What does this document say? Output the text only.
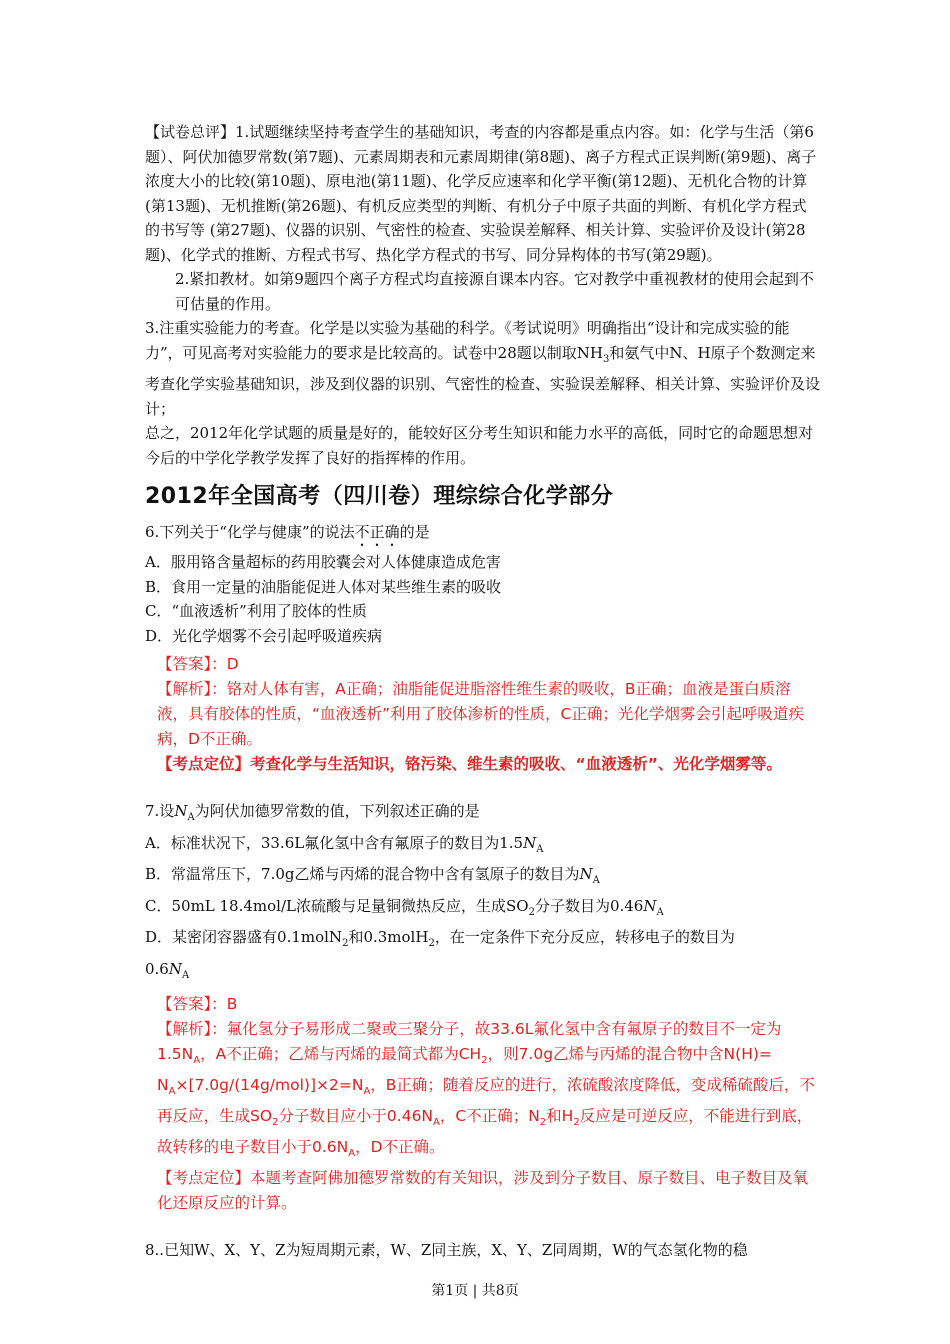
【试卷总评】1.试题继续坚持考查学生的基础知识，考查的内容都是重点内容。如：化学与生活（第6题）、阿伏加德罗常数(第7题)、元素周期表和元素周期律(第8题)、离子方程式正误判断(第9题)、离子浓度大小的比较(第10题)、原电池(第11题)、化学反应速率和化学平衡(第12题)、无机化合物的计算(第13题)、无机推断(第26题)、有机反应类型的判断、有机分子中原子共面的判断、有机化学方程式的书写等 (第27题)、仪器的识别、气密性的检查、实验误差解释、相关计算、实验评价及设计(第28题)、化学式的推断、方程式书写、热化学方程式的书写、同分异构体的书写(第29题)。

2.紧扣教材。如第9题四个离子方程式均直接源自课本内容。它对教学中重视教材的使用会起到不可估量的作用。

3.注重实验能力的考查。化学是以实验为基础的科学。《考试说明》明确指出“设计和完成实验的能力”，可见高考对实验能力的要求是比较高的。试卷中28题以制取$NH_3$和氨气中N、H原子个数测定来考查化学实验基础知识，涉及到仪器的识别、气密性的检查、实验误差解释、相关计算、实验评价及设计；

总之，2012年化学试题的质量是好的，能较好区分考生知识和能力水平的高低，同时它的命题思想对今后的中学化学教学发挥了良好的指挥棒的作用。

2012年全国高考（四川卷）理综综合化学部分

6.下列关于“化学与健康”的说法不正确的是

A．服用铬含量超标的药用胶囊会对人体健康造成危害

B．食用一定量的油脂能促进人体对某些维生素的吸收

C．“血液透析”利用了胶体的性质

D．光化学烟雾不会引起呼吸道疾病

【答案】：D

【解析】：铬对人体有害，A正确；油脂能促进脂溶性维生素的吸收，B正确；血液是蛋白质溶液，具有胶体的性质，“血液透析”利用了胶体渗析的性质，C正确；光化学烟雾会引起呼吸道疾病，D不正确。

【考点定位】考查化学与生活知识，铬污染、维生素的吸收、“血液透析”、光化学烟雾等。

7.设$N_A$为阿伏加德罗常数的值，下列叙述正确的是

A．标准状况下，33.6L氟化氢中含有氟原子的数目为$1.5N_A$

B．常温常压下，7.0g乙烯与丙烯的混合物中含有氢原子的数目为$N_A$

C．50mL 18.4mol/L浓硫酸与足量铜微热反应，生成$SO_2$分子数目为$0.46N_A$

D．某密闭容器盛有0.1molN$_2$和0.3molH$_2$，在一定条件下充分反应，转移电子的数目为
$0.6N_A$

【答案】：B

【解析】：氟化氢分子易形成二聚或三聚分子，故33.6L氟化氢中含有氟原子的数目不一定为$1.5N_A$，A不正确；乙烯与丙烯的最简式都为$CH_2$，则7.0g乙烯与丙烯的混合物中含$N(H)= N_A\times[7.0g/(14g/mol)]\times 2=N_A$，B正确；随着反应的进行，浓硫酸浓度降低，变成稀硫酸后，不再反应，生成$SO_2$分子数目应小于$0.46N_A$，C不正确；$N_2$和$H_2$反应是可逆反应，不能进行到底，故转移的电子数目小于$0.6N_A$，D不正确。

【考点定位】本题考查阿佛加德罗常数的有关知识，涉及到分子数目、原子数目、电子数目及氧化还原反应的计算。

8..已知W、X、Y、Z为短周期元素，W、Z同主族，X、Y、Z同周期，W的气态氢化物的稳

第1页 | 共8页
